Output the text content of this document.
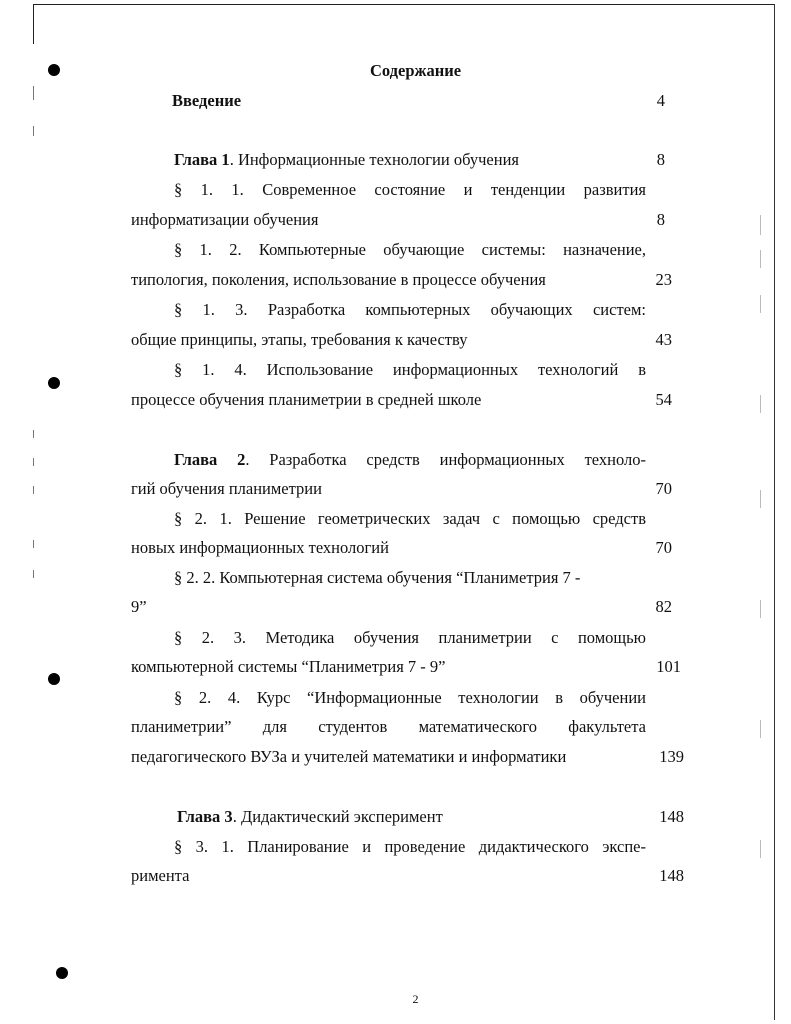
Содержание
Введение	4
Глава 1. Информационные технологии обучения	8
§ 1. 1. Современное состояние и тенденции развития
информатизации обучения	8
§ 1. 2. Компьютерные обучающие системы: назначение,
типология, поколения, использование в процессе обучения	23
§ 1. 3. Разработка компьютерных обучающих систем:
общие принципы, этапы, требования к качеству	43
§ 1. 4. Использование информационных технологий в
процессе обучения планиметрии в средней школе	54
Глава 2. Разработка средств информационных техноло-
гий обучения планиметрии	70
§ 2. 1. Решение геометрических задач с помощью средств
новых информационных технологий	70
§ 2. 2. Компьютерная система обучения “Планиметрия 7 -
9”	82
§ 2. 3. Методика обучения планиметрии с помощью
компьютерной системы “Планиметрия 7 - 9”	101
§ 2. 4. Курс “Информационные технологии в обучении
планиметрии” для студентов математического факультета
педагогического ВУЗа и учителей математики и информатики	139
Глава 3. Дидактический эксперимент	148
§ 3. 1. Планирование и проведение дидактического экспе-
римента	148
2
